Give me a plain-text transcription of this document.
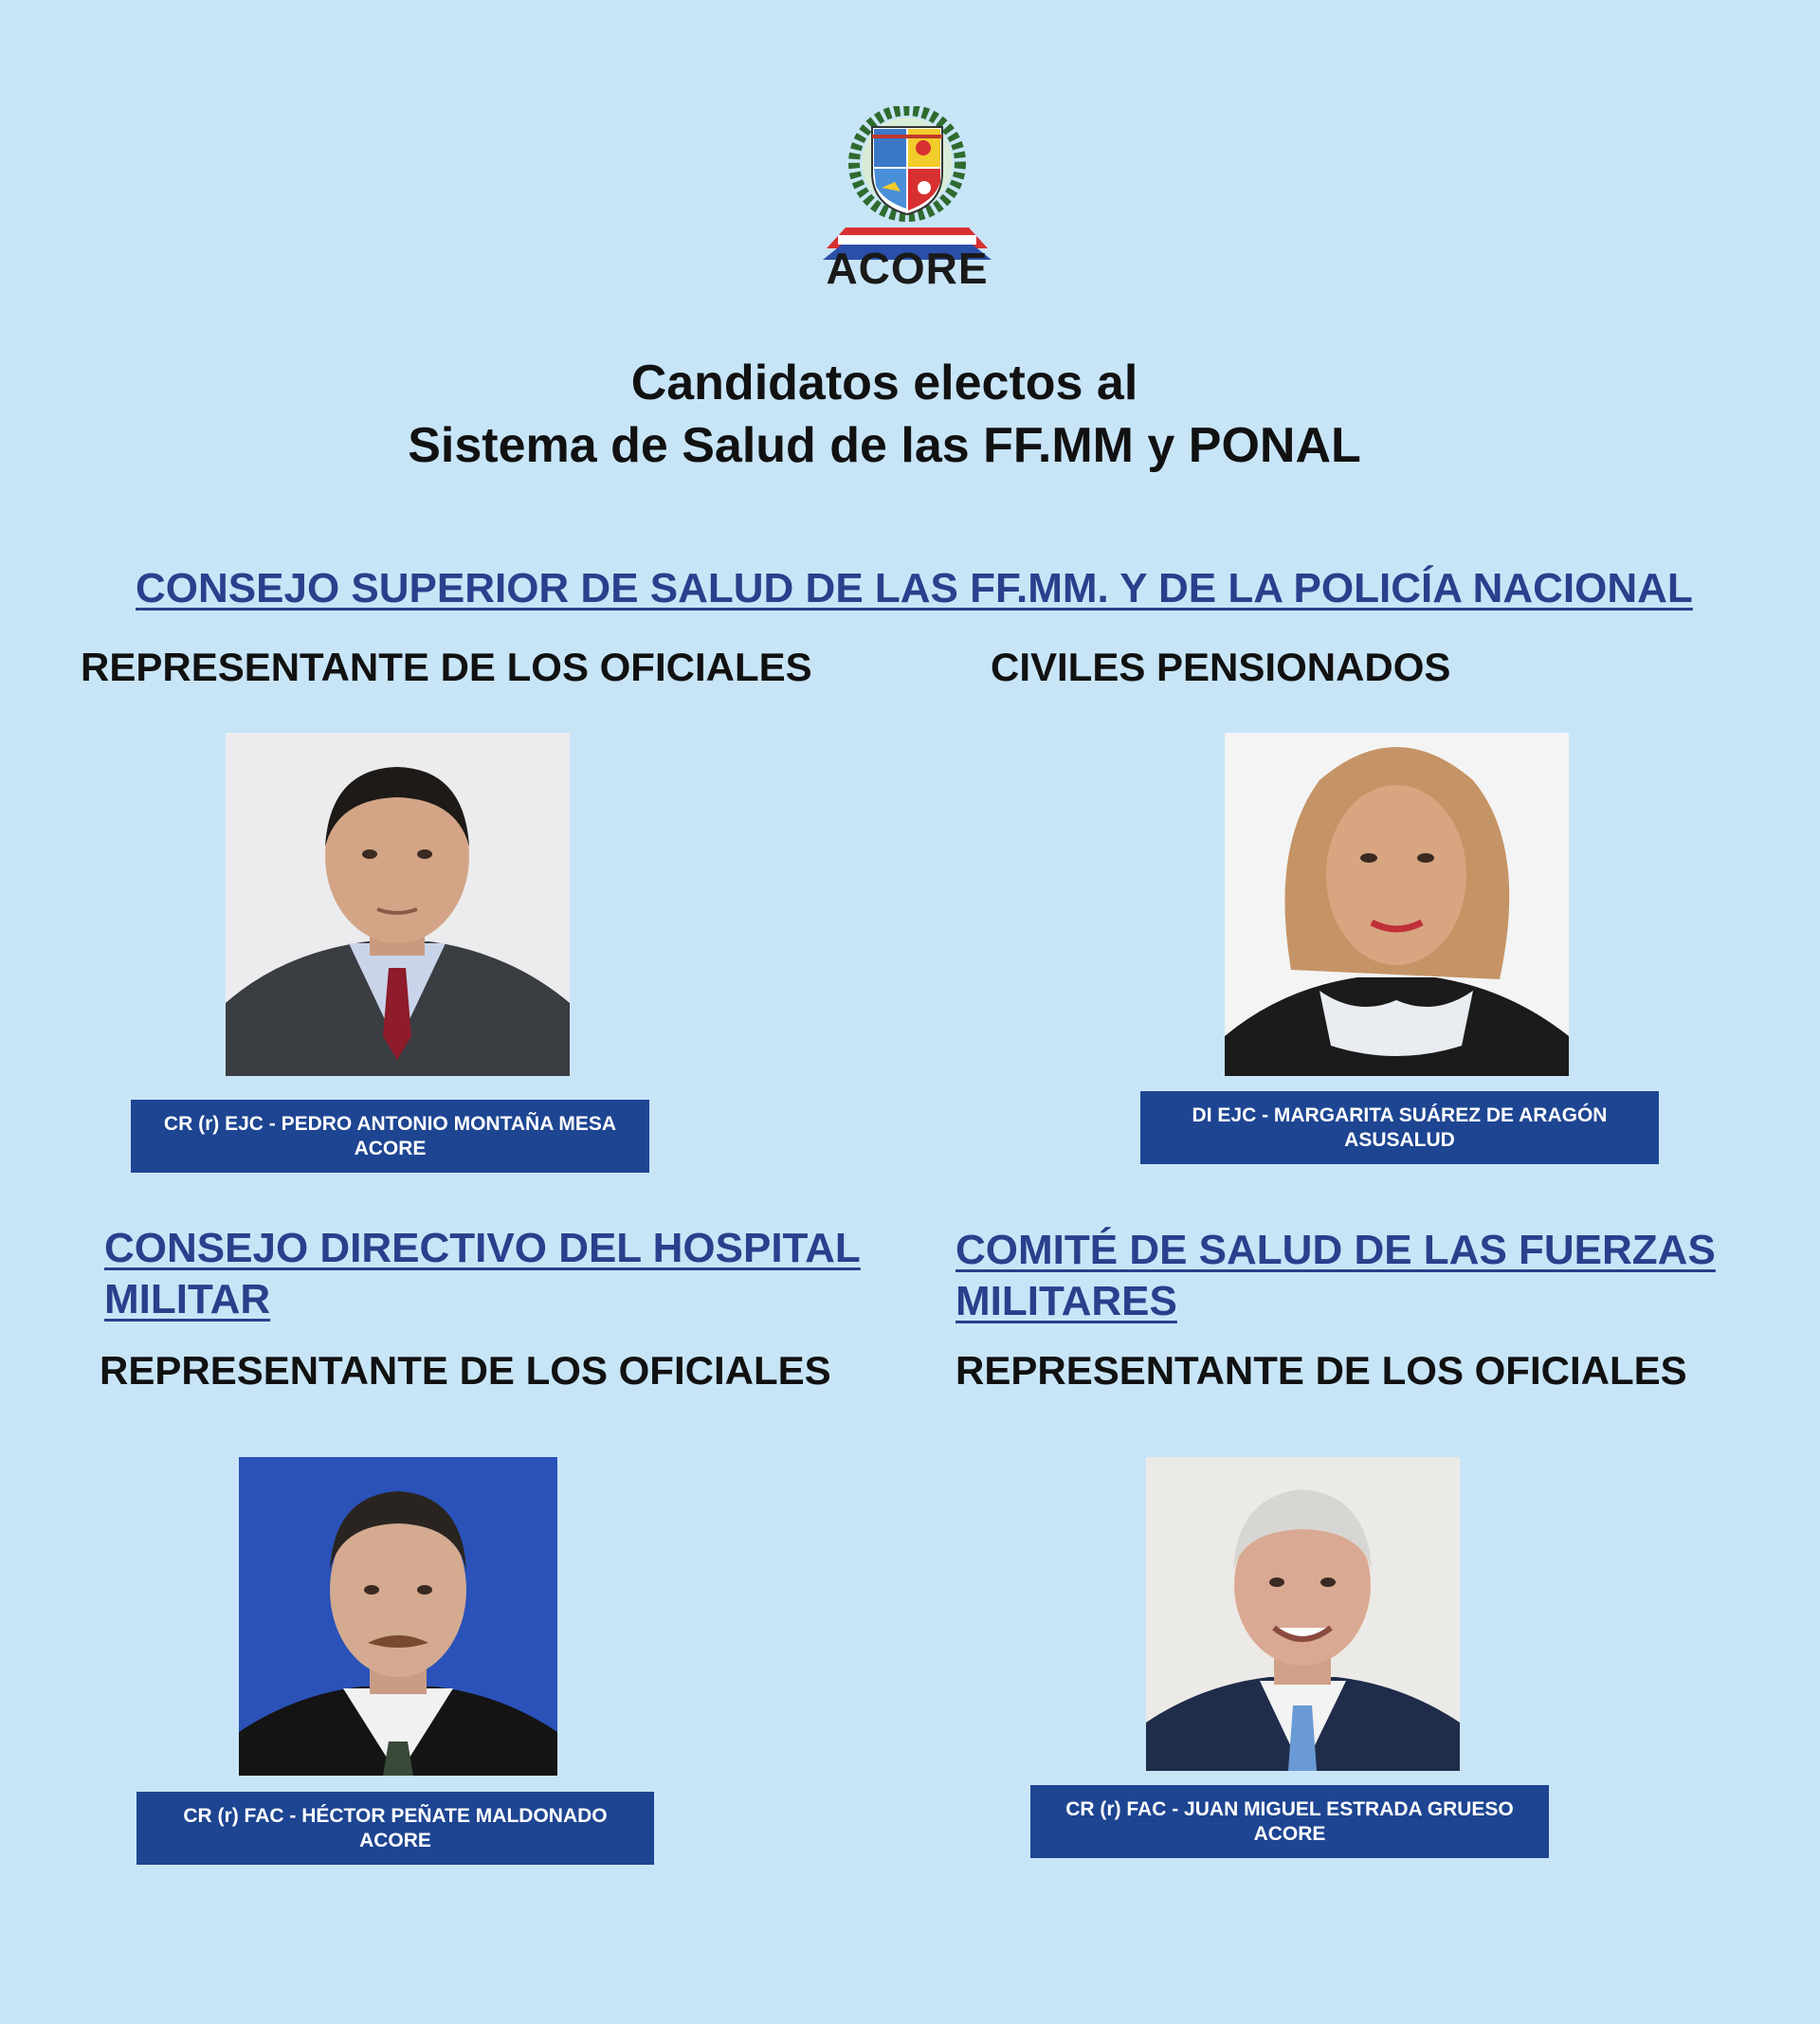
ACORE
Candidatos electos al
Sistema de Salud de las FF.MM y PONAL
CONSEJO SUPERIOR DE SALUD DE LAS FF.MM. Y DE LA POLICÍA NACIONAL
REPRESENTANTE DE LOS OFICIALES	CIVILES PENSIONADOS
CR (r) EJC - PEDRO ANTONIO MONTAÑA MESA
ACORE
DI EJC - MARGARITA SUÁREZ DE ARAGÓN
ASUSALUD
CONSEJO DIRECTIVO DEL HOSPITAL MILITAR
COMITÉ DE SALUD DE LAS FUERZAS MILITARES
REPRESENTANTE DE LOS OFICIALES	REPRESENTANTE DE LOS OFICIALES
CR (r) FAC - HÉCTOR PEÑATE MALDONADO
ACORE
CR (r) FAC - JUAN MIGUEL ESTRADA GRUESO
ACORE
